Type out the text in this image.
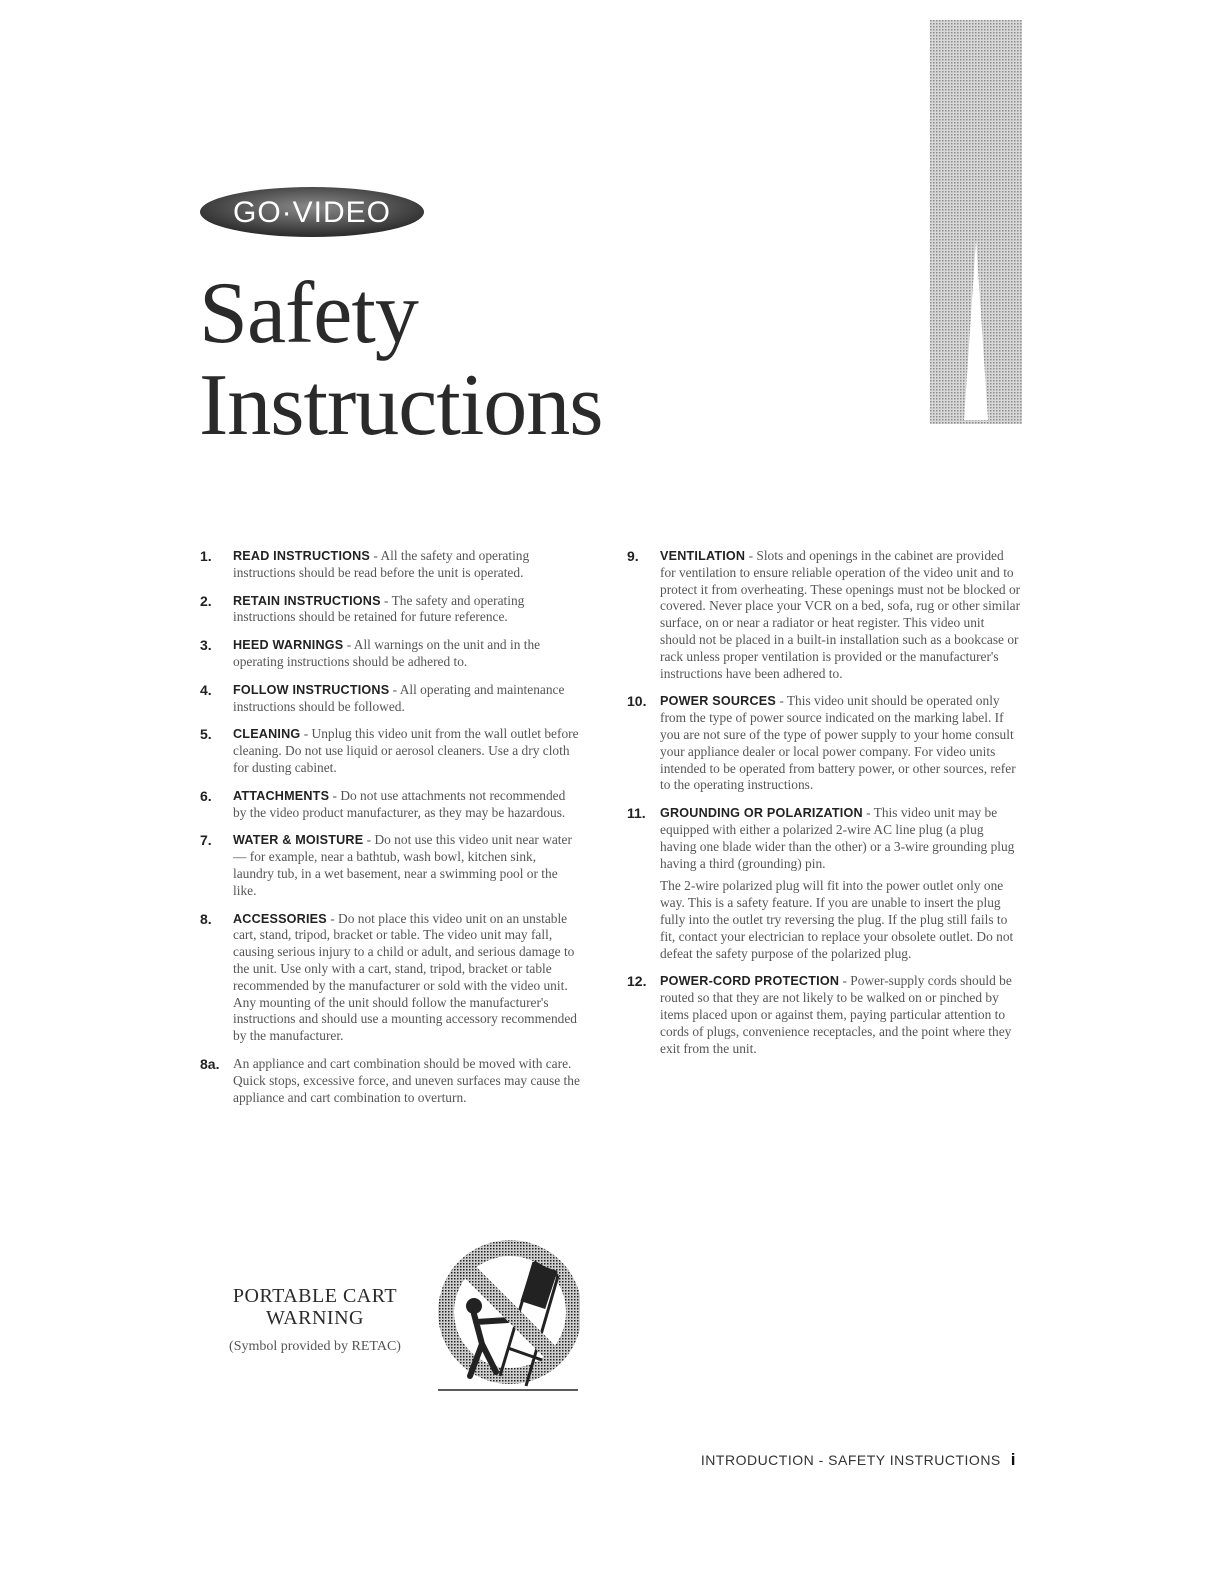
GO·VIDEO
Safety
Instructions
1.	READ INSTRUCTIONS - All the safety and operating instructions should be read before the unit is operated.
2.	RETAIN INSTRUCTIONS - The safety and operating instructions should be retained for future reference.
3.	HEED WARNINGS - All warnings on the unit and in the operating instructions should be adhered to.
4.	FOLLOW INSTRUCTIONS - All operating and maintenance instructions should be followed.
5.	CLEANING - Unplug this video unit from the wall outlet before cleaning. Do not use liquid or aerosol cleaners. Use a dry cloth for dusting cabinet.
6.	ATTACHMENTS - Do not use attachments not recommended by the video product manufacturer, as they may be hazardous.
7.	WATER & MOISTURE - Do not use this video unit near water — for example, near a bathtub, wash bowl, kitchen sink, laundry tub, in a wet basement, near a swimming pool or the like.
8.	ACCESSORIES - Do not place this video unit on an unstable cart, stand, tripod, bracket or table. The video unit may fall, causing serious injury to a child or adult, and serious damage to the unit. Use only with a cart, stand, tripod, bracket or table recommended by the manufacturer or sold with the video unit. Any mounting of the unit should follow the manufacturer's instructions and should use a mounting accessory recommended by the manufacturer.
8a.	An appliance and cart combination should be moved with care. Quick stops, excessive force, and uneven surfaces may cause the appliance and cart combination to overturn.
9.	VENTILATION - Slots and openings in the cabinet are provided for ventilation to ensure reliable operation of the video unit and to protect it from overheating. These openings must not be blocked or covered. Never place your VCR on a bed, sofa, rug or other similar surface, on or near a radiator or heat register. This video unit should not be placed in a built-in installation such as a bookcase or rack unless proper ventilation is provided or the manufacturer's instructions have been adhered to.
10.	POWER SOURCES - This video unit should be operated only from the type of power source indicated on the marking label. If you are not sure of the type of power supply to your home consult your appliance dealer or local power company. For video units intended to be operated from battery power, or other sources, refer to the operating instructions.
11.	GROUNDING OR POLARIZATION - This video unit may be equipped with either a polarized 2-wire AC line plug (a plug having one blade wider than the other) or a 3-wire grounding plug having a third (grounding) pin.
The 2-wire polarized plug will fit into the power outlet only one way. This is a safety feature. If you are unable to insert the plug fully into the outlet try reversing the plug. If the plug still fails to fit, contact your electrician to replace your obsolete outlet. Do not defeat the safety purpose of the polarized plug.
12.	POWER-CORD PROTECTION - Power-supply cords should be routed so that they are not likely to be walked on or pinched by items placed upon or against them, paying particular attention to cords of plugs, convenience receptacles, and the point where they exit from the unit.
PORTABLE CART
WARNING
(Symbol provided by RETAC)
INTRODUCTION - SAFETY INSTRUCTIONS i
